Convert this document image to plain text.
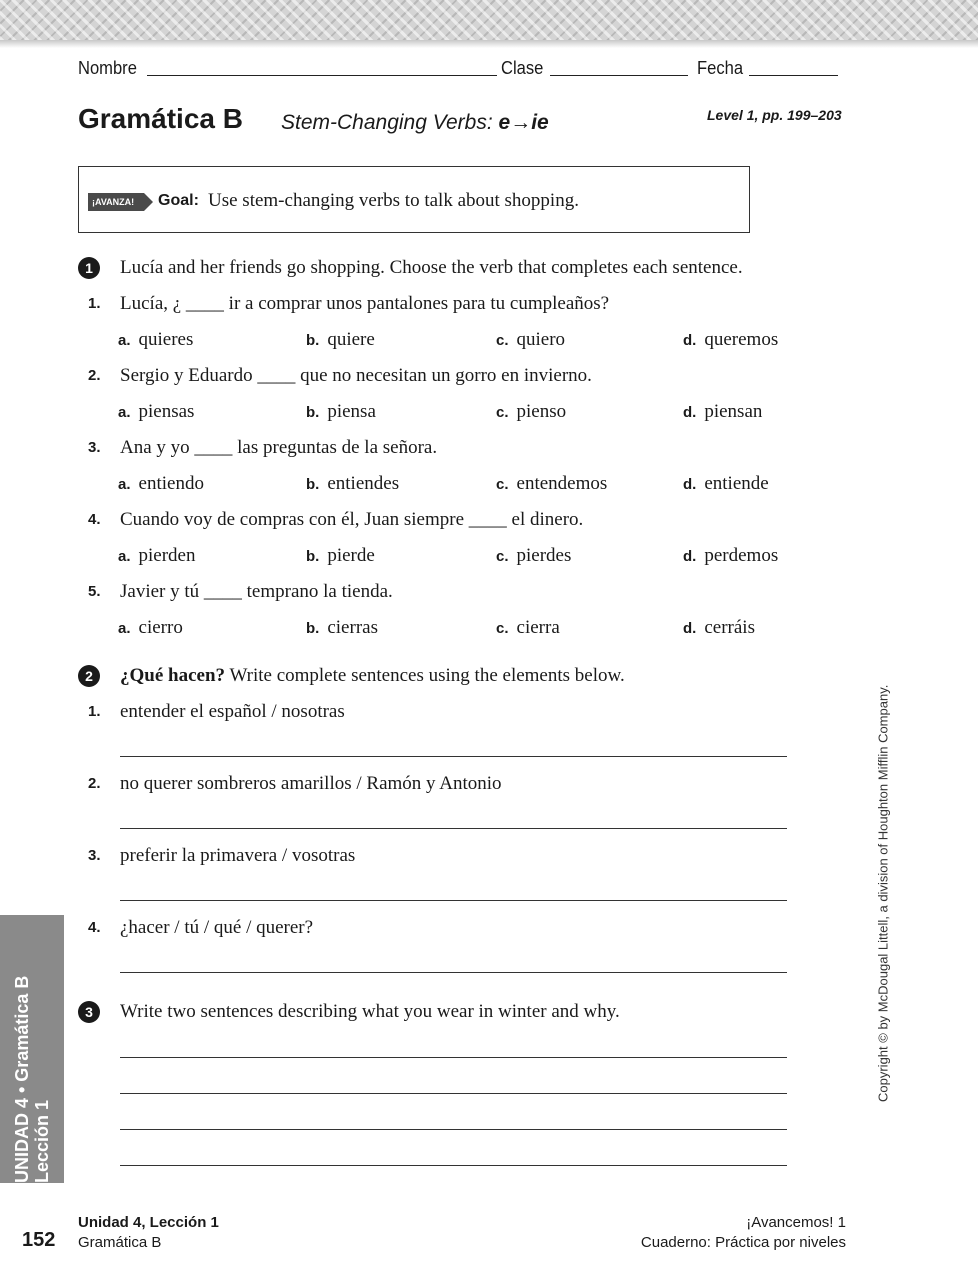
Nombre	Clase	Fecha
Gramática B Stem-Changing Verbs: e→ie	Level 1, pp. 199–203
¡AVANZA!	Goal: Use stem-changing verbs to talk about shopping.
1	Lucía and her friends go shopping. Choose the verb that completes each sentence.
1. Lucía, ¿ ____ ir a comprar unos pantalones para tu cumpleaños?
a. quieres	b. quiere	c. quiero	d. queremos
2. Sergio y Eduardo ____ que no necesitan un gorro en invierno.
a. piensas	b. piensa	c. pienso	d. piensan
3. Ana y yo ____ las preguntas de la señora.
a. entiendo	b. entiendes	c. entendemos	d. entiende
4. Cuando voy de compras con él, Juan siempre ____ el dinero.
a. pierden	b. pierde	c. pierdes	d. perdemos
5. Javier y tú ____ temprano la tienda.
a. cierro	b. cierras	c. cierra	d. cerráis
2	¿Qué hacen? Write complete sentences using the elements below.
1. entender el español / nosotras
2. no querer sombreros amarillos / Ramón y Antonio
3. preferir la primavera / vosotras
4. ¿hacer / tú / qué / querer?
3	Write two sentences describing what you wear in winter and why.
UNIDAD 4 • Gramática B Lección 1
Copyright © by McDougal Littell, a division of Houghton Mifflin Company.
152
Unidad 4, Lección 1
Gramática B
¡Avancemos! 1
Cuaderno: Práctica por niveles
